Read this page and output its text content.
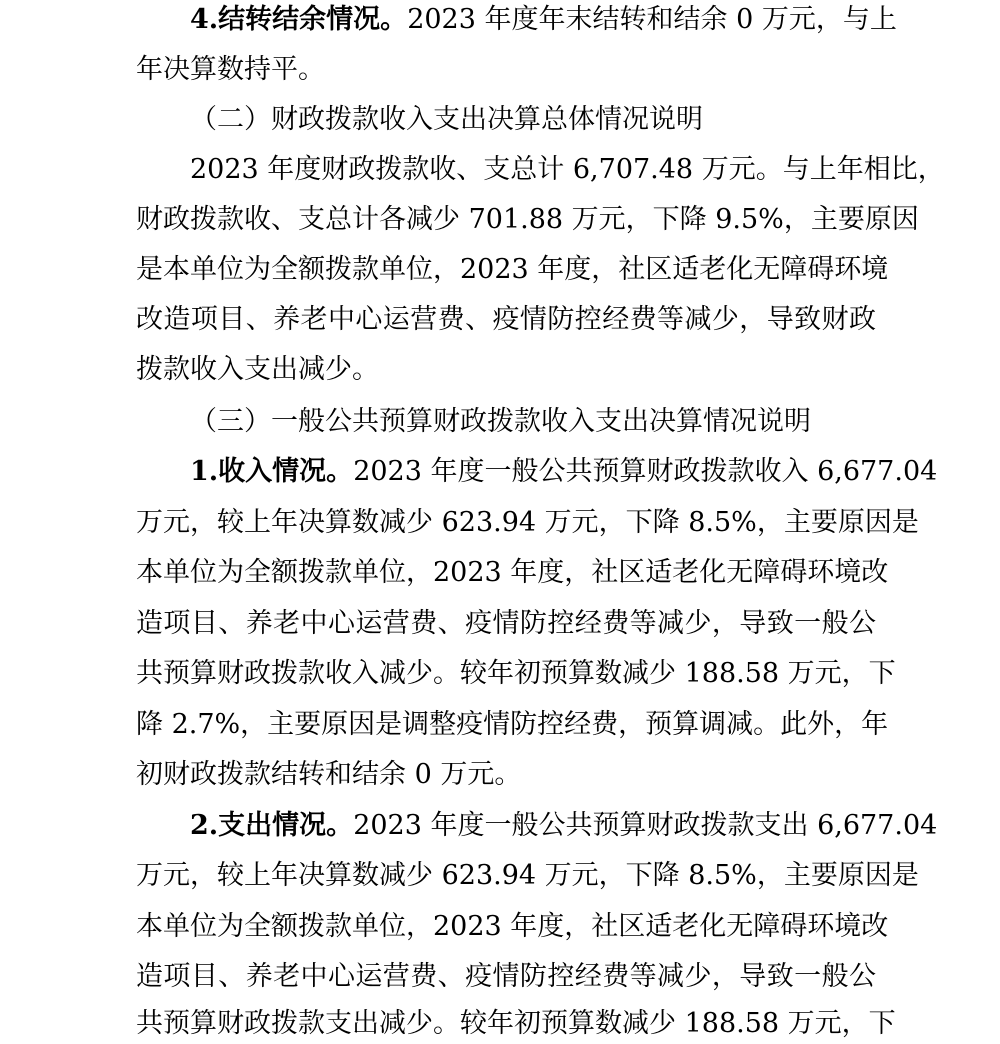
4.结转结余情况。2023 年度年末结转和结余 0 万元，与上
年决算数持平。
（二）财政拨款收入支出决算总体情况说明
2023 年度财政拨款收、支总计 6,707.48 万元。与上年相比，
财政拨款收、支总计各减少 701.88 万元，下降 9.5%，主要原因
是本单位为全额拨款单位，2023 年度，社区适老化无障碍环境
改造项目、养老中心运营费、疫情防控经费等减少，导致财政
拨款收入支出减少。
（三）一般公共预算财政拨款收入支出决算情况说明
1.收入情况。2023 年度一般公共预算财政拨款收入 6,677.04
万元，较上年决算数减少 623.94 万元，下降 8.5%，主要原因是
本单位为全额拨款单位，2023 年度，社区适老化无障碍环境改
造项目、养老中心运营费、疫情防控经费等减少，导致一般公
共预算财政拨款收入减少。较年初预算数减少 188.58 万元，下
降 2.7%，主要原因是调整疫情防控经费，预算调减。此外，年
初财政拨款结转和结余 0 万元。
2.支出情况。2023 年度一般公共预算财政拨款支出 6,677.04
万元，较上年决算数减少 623.94 万元，下降 8.5%，主要原因是
本单位为全额拨款单位，2023 年度，社区适老化无障碍环境改
造项目、养老中心运营费、疫情防控经费等减少，导致一般公
共预算财政拨款支出减少。较年初预算数减少 188.58 万元，下
